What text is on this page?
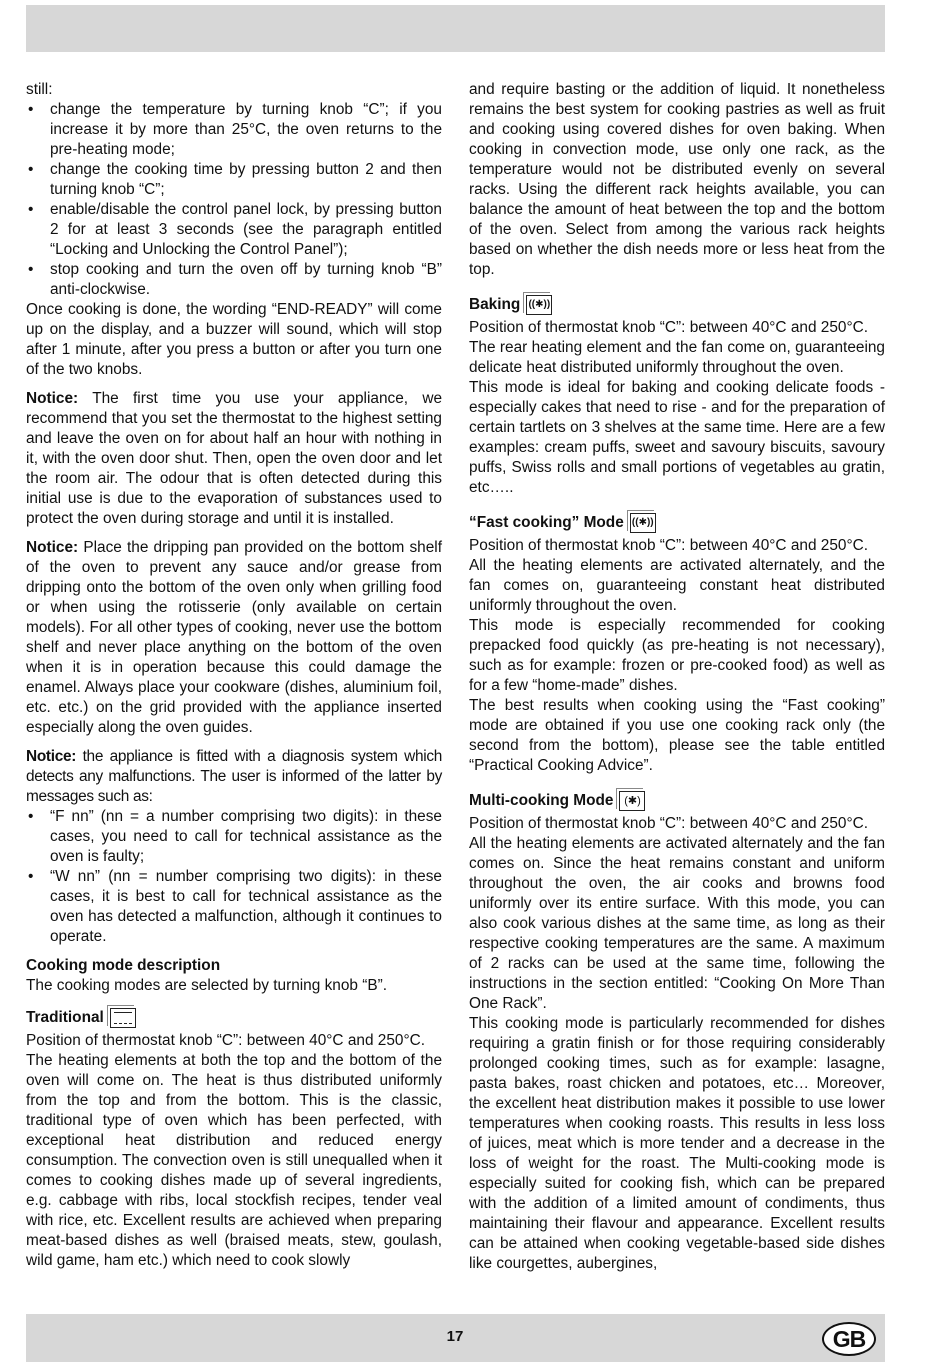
still:

• change the temperature by turning knob “C”; if you increase it by more than 25°C, the oven returns to the pre-heating mode;
• change the cooking time by pressing button 2 and then turning knob “C”;
• enable/disable the control panel lock, by pressing button 2 for at least 3 seconds (see the paragraph entitled “Locking and Unlocking the Control Panel”);
• stop cooking and turn the oven off by turning knob “B” anti-clockwise.

Once cooking is done, the wording “END-READY” will come up on the display, and a buzzer will sound, which will stop after 1 minute, after you press a button or after you turn one of the two knobs.

Notice: The first time you use your appliance, we recommend that you set the thermostat to the highest setting and leave the oven on for about half an hour with nothing in it, with the oven door shut. Then, open the oven door and let the room air. The odour that is often detected during this initial use is due to the evaporation of substances used to protect the oven during storage and until it is installed.

Notice: Place the dripping pan provided on the bottom shelf of the oven to prevent any sauce and/or grease from dripping onto the bottom of the oven only when grilling food or when using the rotisserie (only available on certain models). For all other types of cooking, never use the bottom shelf and never place anything on the bottom of the oven when it is in operation because this could damage the enamel. Always place your cookware (dishes, aluminium foil, etc. etc.) on the grid provided with the appliance inserted especially along the oven guides.

Notice: the appliance is fitted with a diagnosis system which detects any malfunctions. The user is informed of the latter by messages such as:

• “F nn” (nn = a number comprising two digits): in these cases, you need to call for technical assistance as the oven is faulty;
• “W nn” (nn = number comprising two digits): in these cases, it is best to call for technical assistance as the oven has detected a malfunction, although it continues to operate.
Cooking mode description

The cooking modes are selected by turning knob “B”.

Traditional

Position of thermostat knob “C”: between 40°C and 250°C.

The heating elements at both the top and the bottom of the oven will come on. The heat is thus distributed uniformly from the top and from the bottom. This is the classic, traditional type of oven which has been perfected, with exceptional heat distribution and reduced energy consumption. The convection oven is still unequalled when it comes to cooking dishes made up of several ingredients, e.g. cabbage with ribs, local stockfish recipes, tender veal with rice, etc. Excellent results are achieved when preparing meat-based dishes as well (braised meats, stew, goulash, wild game, ham etc.) which need to cook slowly

and require basting or the addition of liquid. It nonetheless remains the best system for cooking pastries as well as fruit and cooking using covered dishes for oven baking. When cooking in convection mode, use only one rack, as the temperature would not be distributed evenly on several racks. Using the different rack heights available, you can balance the amount of heat between the top and the bottom of the oven. Select from among the various rack heights based on whether the dish needs more or less heat from the top.

Baking ((✱))

Position of thermostat knob “C”: between 40°C and 250°C.

The rear heating element and the fan come on, guaranteeing delicate heat distributed uniformly throughout the oven.

This mode is ideal for baking and cooking delicate foods - especially cakes that need to rise - and for the preparation of certain tartlets on 3 shelves at the same time. Here are a few examples: cream puffs, sweet and savoury biscuits, savoury puffs, Swiss rolls and small portions of vegetables au gratin, etc…..

“Fast cooking” Mode ((✱))

Position of thermostat knob “C”: between 40°C and 250°C.

All the heating elements are activated alternately, and the fan comes on, guaranteeing constant heat distributed uniformly throughout the oven.

This mode is especially recommended for cooking prepacked food quickly (as pre-heating is not necessary), such as for example: frozen or pre-cooked food) as well as for a few “home-made” dishes.

The best results when cooking using the “Fast cooking” mode are obtained if you use one cooking rack only (the second from the bottom), please see the table entitled “Practical Cooking Advice”.

Multi-cooking Mode (✱)

Position of thermostat knob “C”: between 40°C and 250°C.

All the heating elements are activated alternately and the fan comes on. Since the heat remains constant and uniform throughout the oven, the air cooks and browns food uniformly over its entire surface. With this mode, you can also cook various dishes at the same time, as long as their respective cooking temperatures are the same. A maximum of 2 racks can be used at the same time, following the instructions in the section entitled: “Cooking On More Than One Rack”.

This cooking mode is particularly recommended for dishes requiring a gratin finish or for those requiring considerably prolonged cooking times, such as for example: lasagne, pasta bakes, roast chicken and potatoes, etc… Moreover, the excellent heat distribution makes it possible to use lower temperatures when cooking roasts. This results in less loss of juices, meat which is more tender and a decrease in the loss of weight for the roast. The Multi-cooking mode is especially suited for cooking fish, which can be prepared with the addition of a limited amount of condiments, thus maintaining their flavour and appearance. Excellent results can be attained when cooking vegetable-based side dishes like courgettes, aubergines,

17	GB
